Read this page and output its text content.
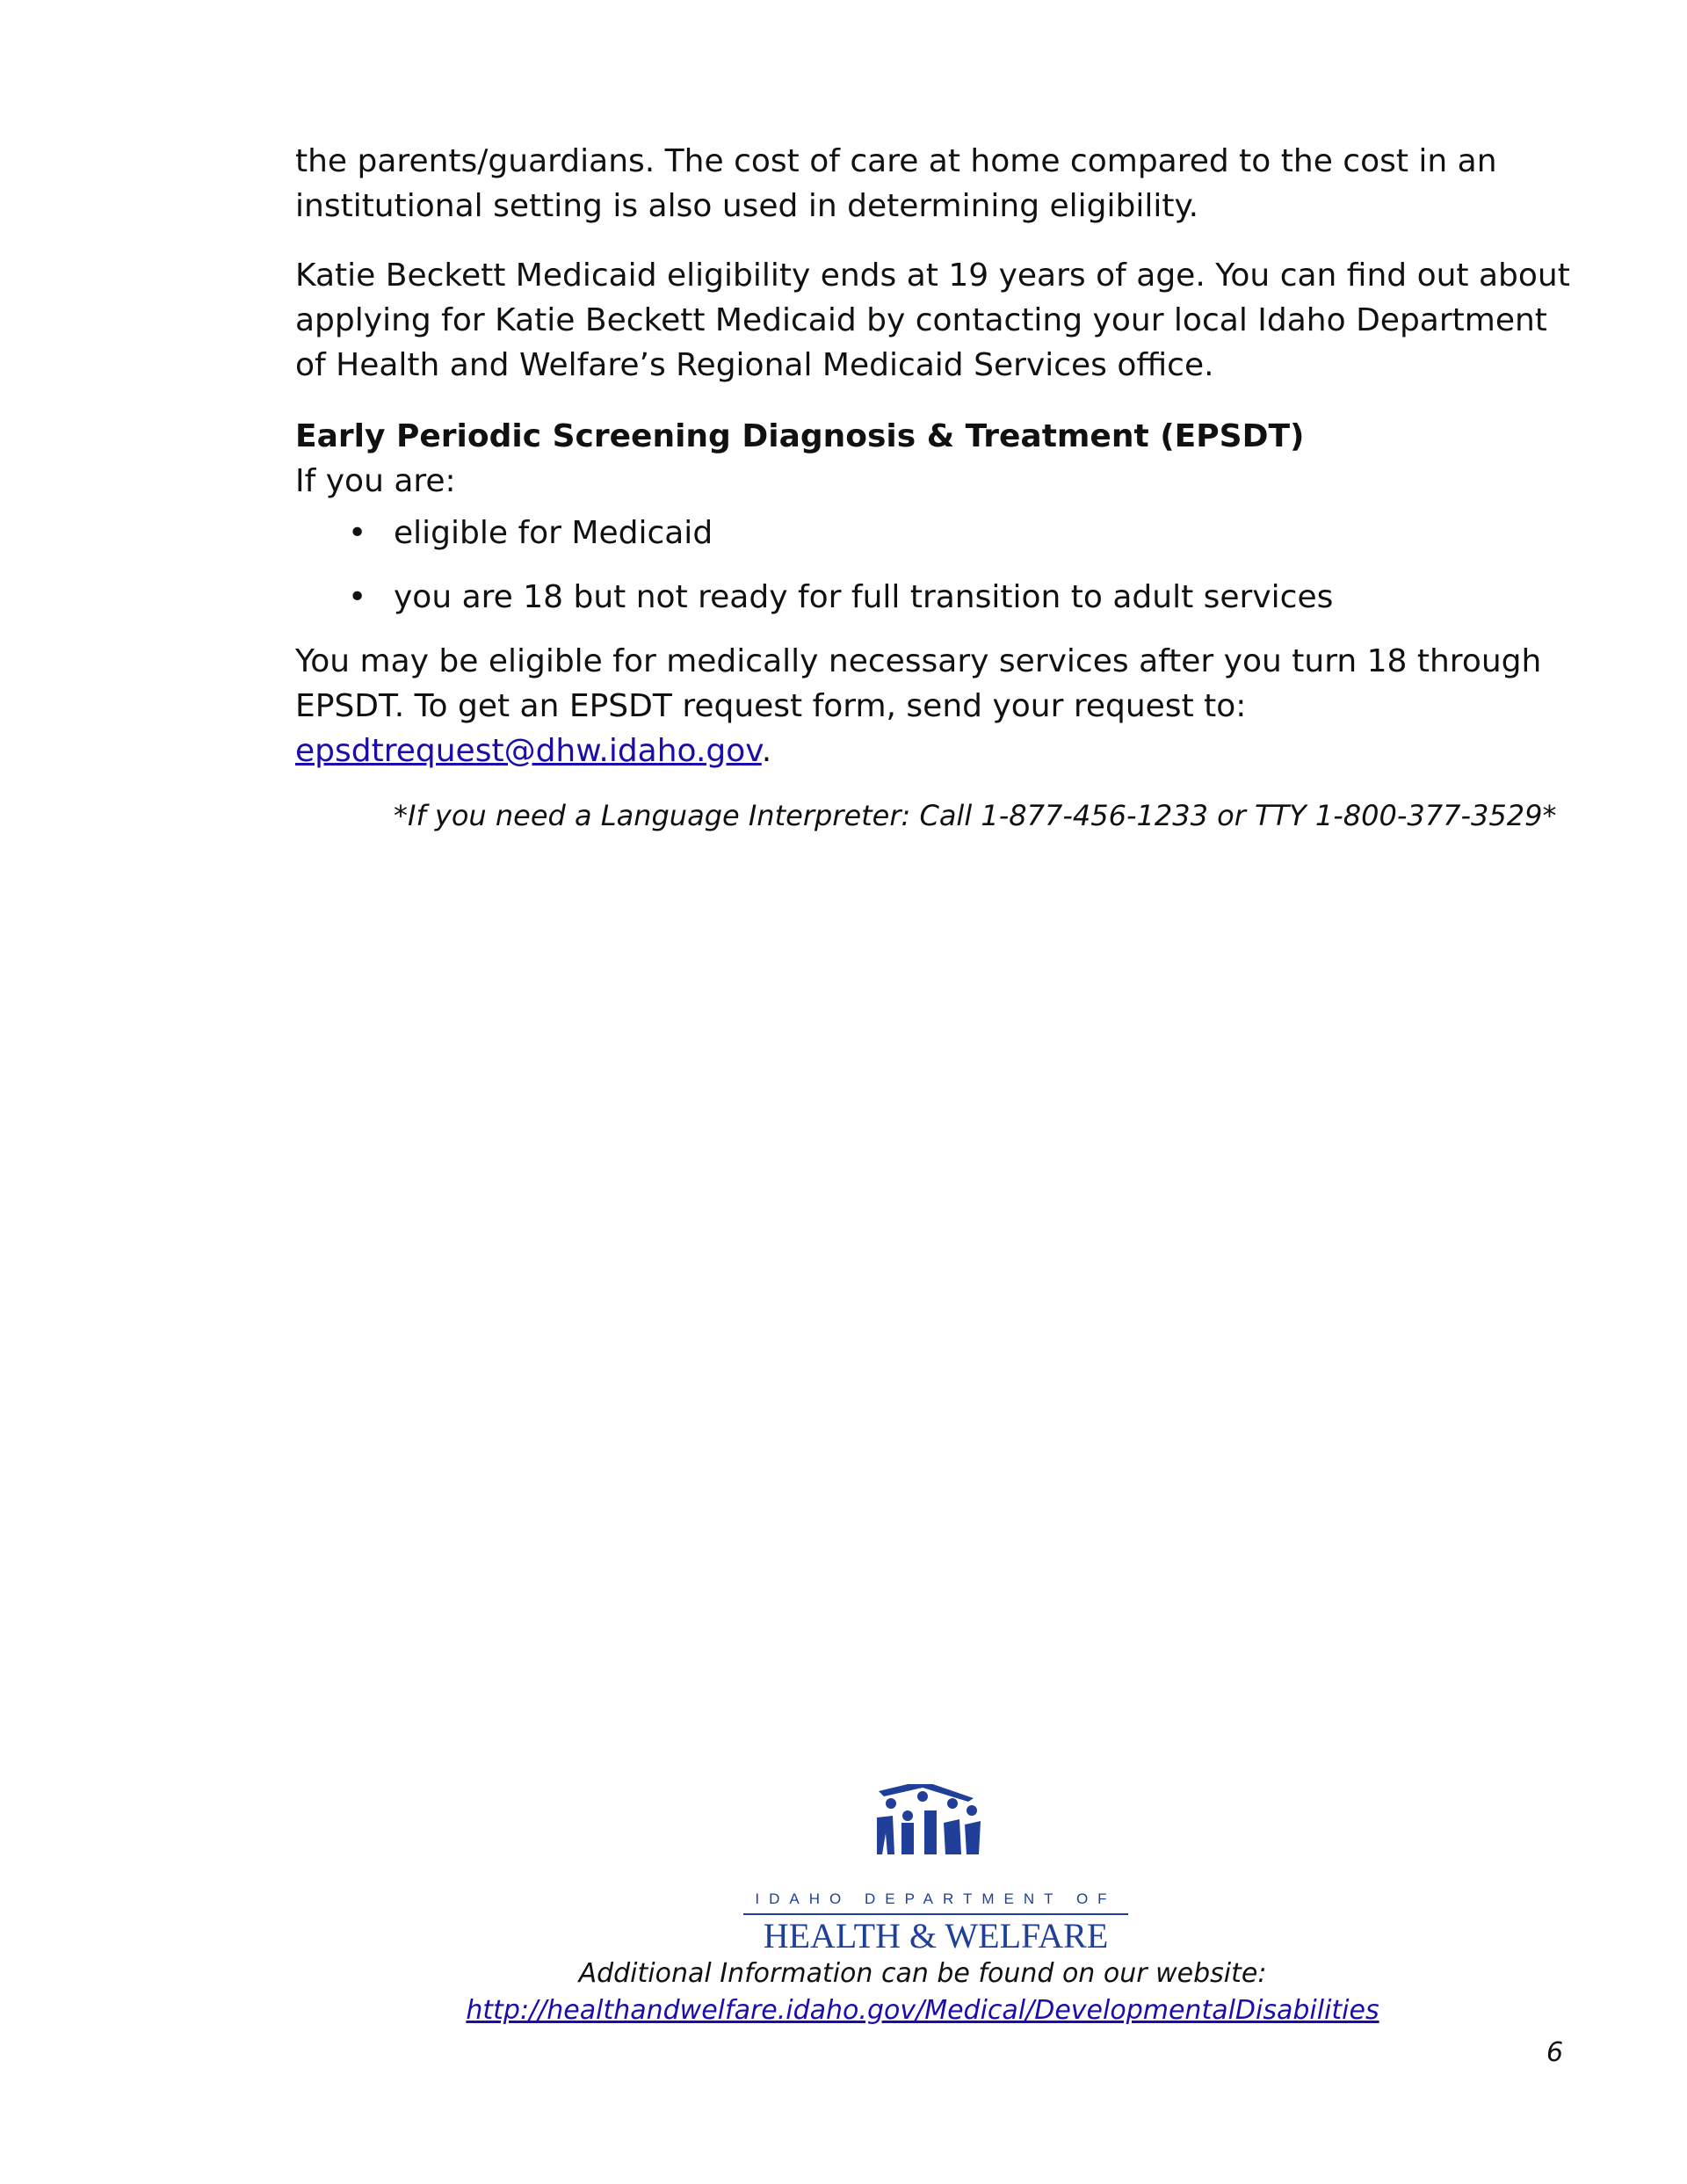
the parents/guardians. The cost of care at home compared to the cost in an institutional setting is also used in determining eligibility.

Katie Beckett Medicaid eligibility ends at 19 years of age. You can find out about applying for Katie Beckett Medicaid by contacting your local Idaho Department of Health and Welfare’s Regional Medicaid Services office.

Early Periodic Screening Diagnosis & Treatment (EPSDT)

If you are:

• eligible for Medicaid
• you are 18 but not ready for full transition to adult services

You may be eligible for medically necessary services after you turn 18 through EPSDT. To get an EPSDT request form, send your request to: epsdtrequest@dhw.idaho.gov.

*If you need a Language Interpreter: Call 1-877-456-1233 or TTY 1-800-377-3529*

IDAHO DEPARTMENT OF
HEALTH & WELFARE
Additional Information can be found on our website:
http://healthandwelfare.idaho.gov/Medical/DevelopmentalDisabilities
6
